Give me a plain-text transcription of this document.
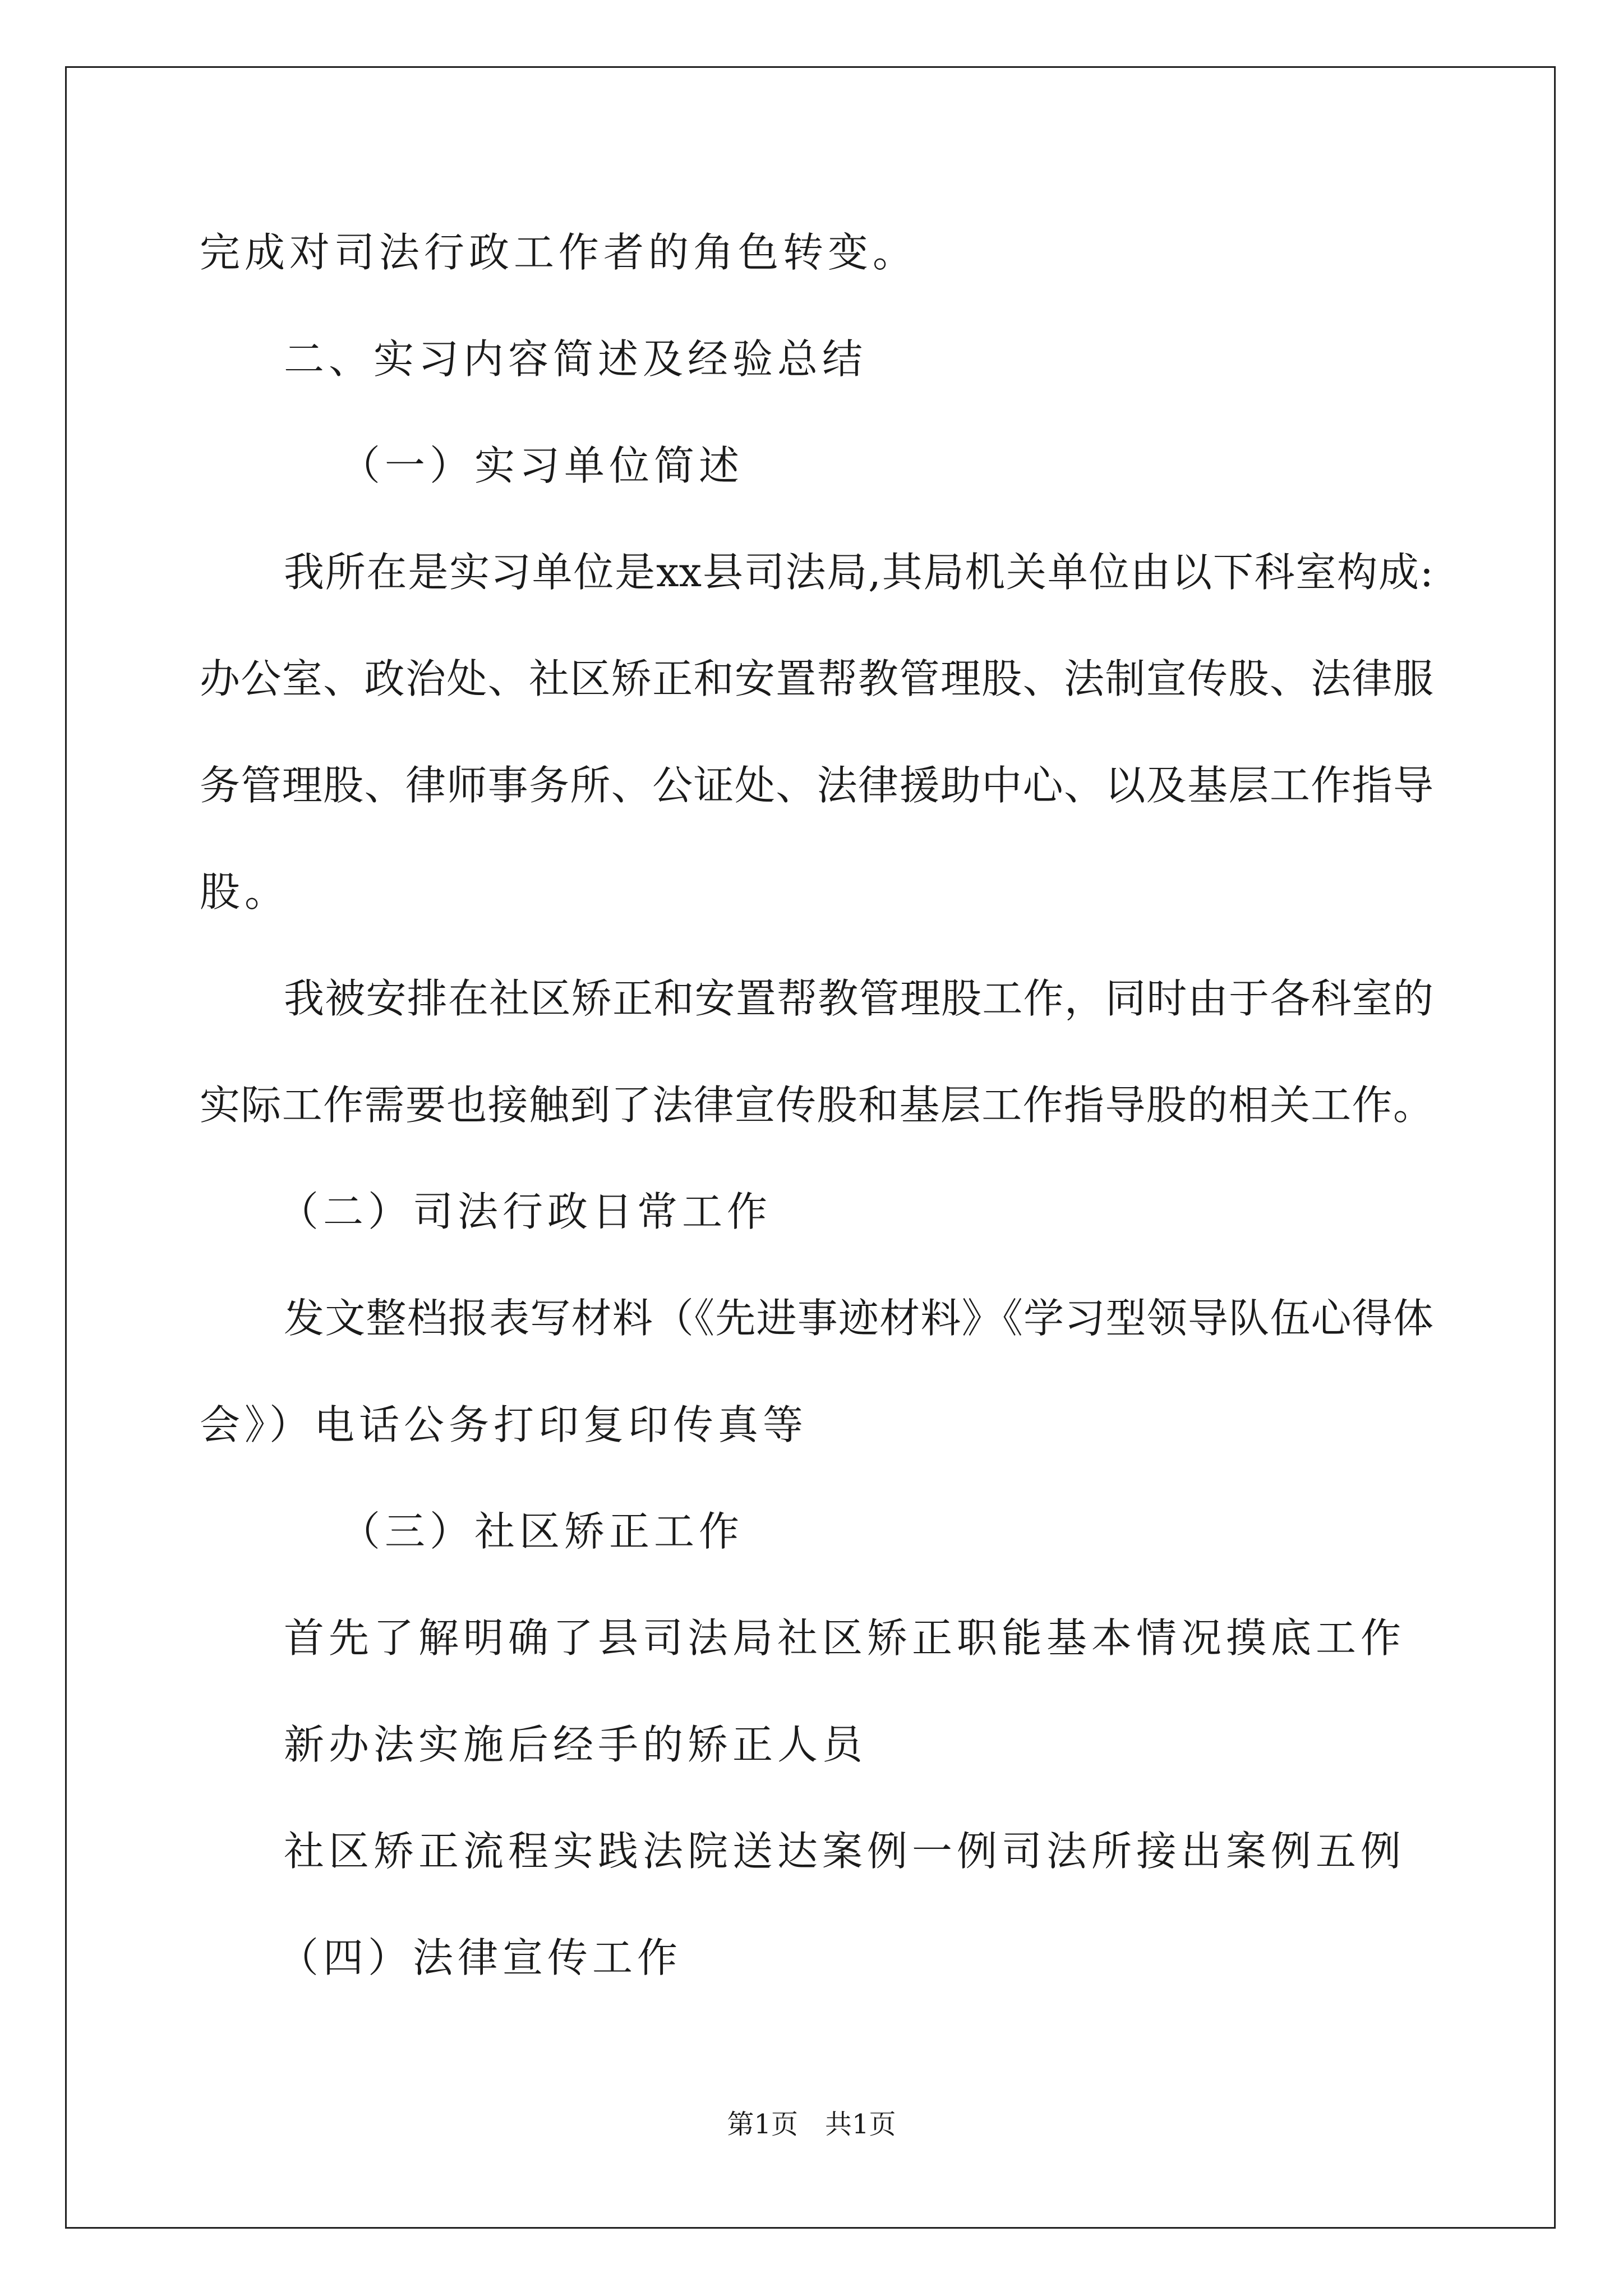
完成对司法行政工作者的角色转变。
二、实习内容简述及经验总结
（一）实习单位简述
我所在是实习单位是xx县司法局,其局机关单位由以下科室构成:
办公室、政治处、社区矫正和安置帮教管理股、法制宣传股、法律服
务管理股、律师事务所、公证处、法律援助中心、以及基层工作指导
股。
我被安排在社区矫正和安置帮教管理股工作，同时由于各科室的
实际工作需要也接触到了法律宣传股和基层工作指导股的相关工作。
（二）司法行政日常工作
发文整档报表写材料（《先进事迹材料》《学习型领导队伍心得体
会》）电话公务打印复印传真等
（三）社区矫正工作
首先了解明确了县司法局社区矫正职能基本情况摸底工作
新办法实施后经手的矫正人员
社区矫正流程实践法院送达案例一例司法所接出案例五例
（四）法律宣传工作
第1页　共1页
